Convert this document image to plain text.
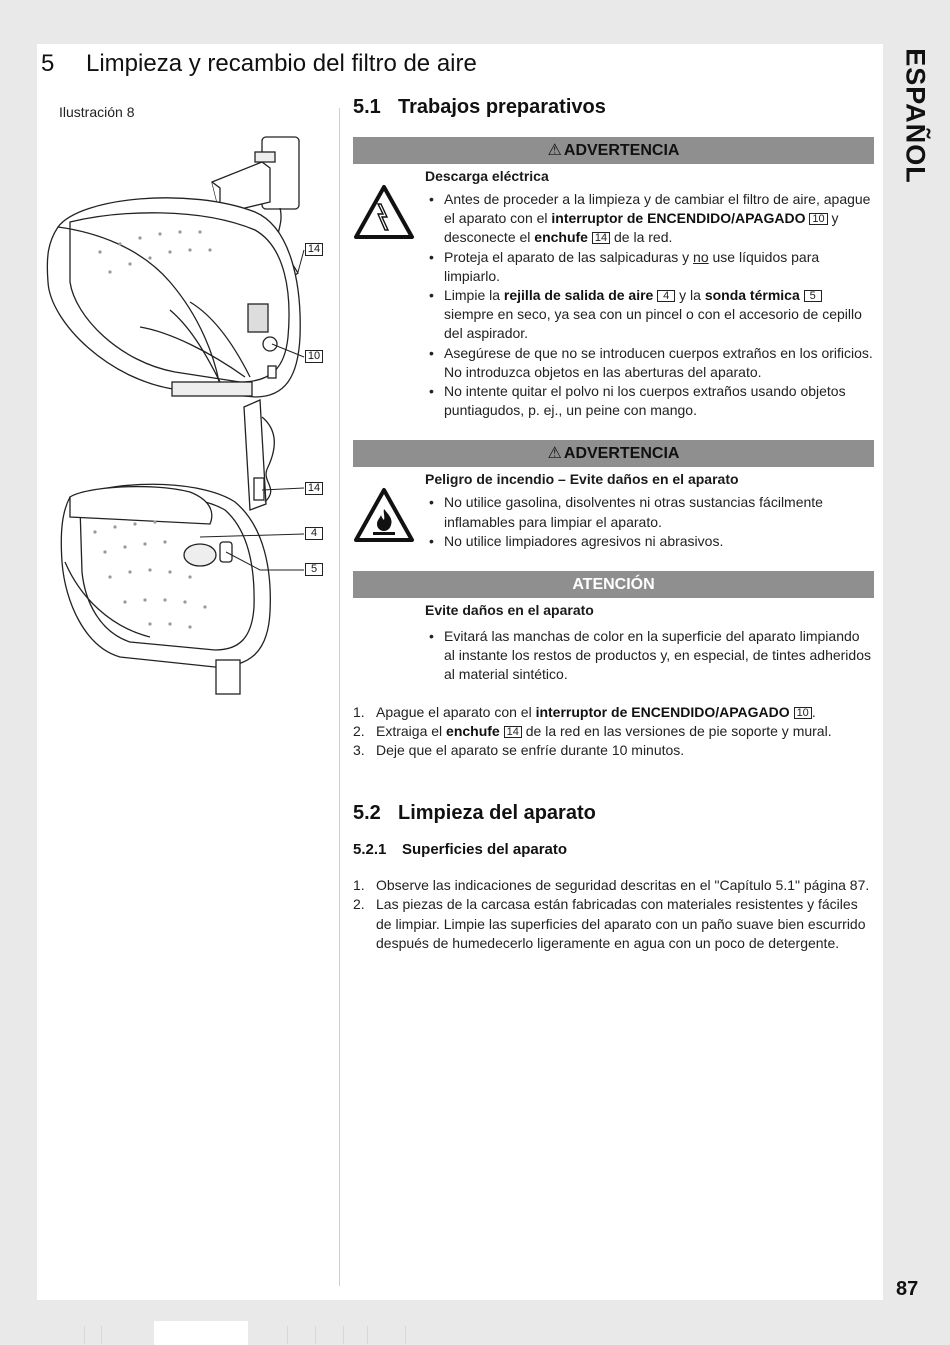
ESPAÑOL
87
5 Limpieza y recambio del filtro de aire
Ilustración 8
14
10
14
4
5
5.1 Trabajos preparativos
⚠ ADVERTENCIA
Descarga eléctrica
• Antes de proceder a la limpieza y de cambiar el filtro de aire, apague el aparato con el interruptor de ENCENDIDO/APAGADO 10 y desconecte el enchufe 14 de la red.
• Proteja el aparato de las salpicaduras y no use líquidos para limpiarlo.
• Limpie la rejilla de salida de aire 4 y la sonda térmica 5 siempre en seco, ya sea con un pincel o con el accesorio de cepillo del aspirador.
• Asegúrese de que no se introducen cuerpos extraños en los orificios. No introduzca objetos en las aberturas del aparato.
• No intente quitar el polvo ni los cuerpos extraños usando objetos puntiagudos, p. ej., un peine con mango.
⚠ ADVERTENCIA
Peligro de incendio – Evite daños en el aparato
• No utilice gasolina, disolventes ni otras sustancias fácilmente inflamables para limpiar el aparato.
• No utilice limpiadores agresivos ni abrasivos.
ATENCIÓN
Evite daños en el aparato
• Evitará las manchas de color en la superficie del aparato limpiando al instante los restos de productos y, en especial, de tintes adheridos al material sintético.
1. Apague el aparato con el interruptor de ENCENDIDO/APAGADO 10 .
2. Extraiga el enchufe 14 de la red en las versiones de pie soporte y mural.
3. Deje que el aparato se enfríe durante 10 minutos.
5.2 Limpieza del aparato
5.2.1	Superficies del aparato
1. Observe las indicaciones de seguridad descritas en el "Capítulo 5.1" página 87.
2. Las piezas de la carcasa están fabricadas con materiales resistentes y fáciles de limpiar. Limpie las superficies del aparato con un paño suave bien escurrido después de humedecerlo ligeramente en agua con un poco de detergente.
